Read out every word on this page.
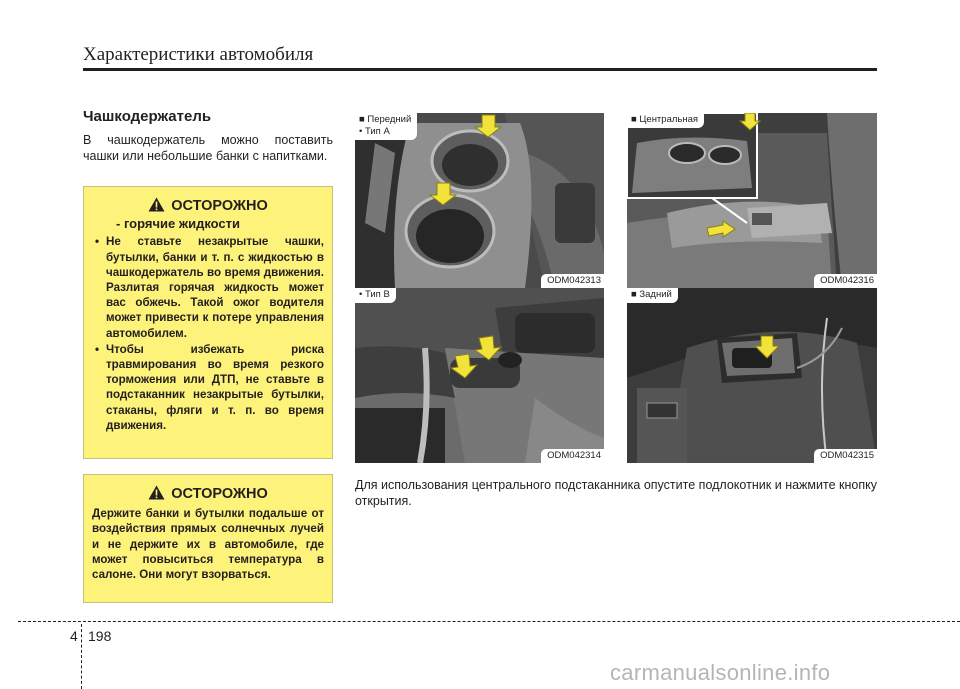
Характеристики автомобиля
Чашкодержатель
В чашкодержатель можно поставить чашки или небольшие банки с напитками.
ОСТОРОЖНО
- горячие жидкости
• Не ставьте незакрытые чашки, бутылки, банки и т. п. с жидкостью в чашкодержатель во время движения. Разлитая горячая жидкость может вас обжечь. Такой ожог водителя может привести к потере управления автомобилем.
• Чтобы избежать риска травмирования во время резкого торможения или ДТП, не ставьте в подстаканник незакрытые бутылки, стаканы, фляги и т. п. во время движения.
ОСТОРОЖНО
Держите банки и бутылки подальше от воздействия прямых солнечных лучей и не держите их в автомобиле, где может повыситься температура в салоне. Они могут взорваться.
■ Передний
• Тип A
ODM042313
• Тип B
ODM042314
■ Центральная
ODM042316
■ Задний
ODM042315
Для использования центрального подстаканника опустите подлокотник и нажмите кнопку открытия.
4 198
carmanualsonline.info
